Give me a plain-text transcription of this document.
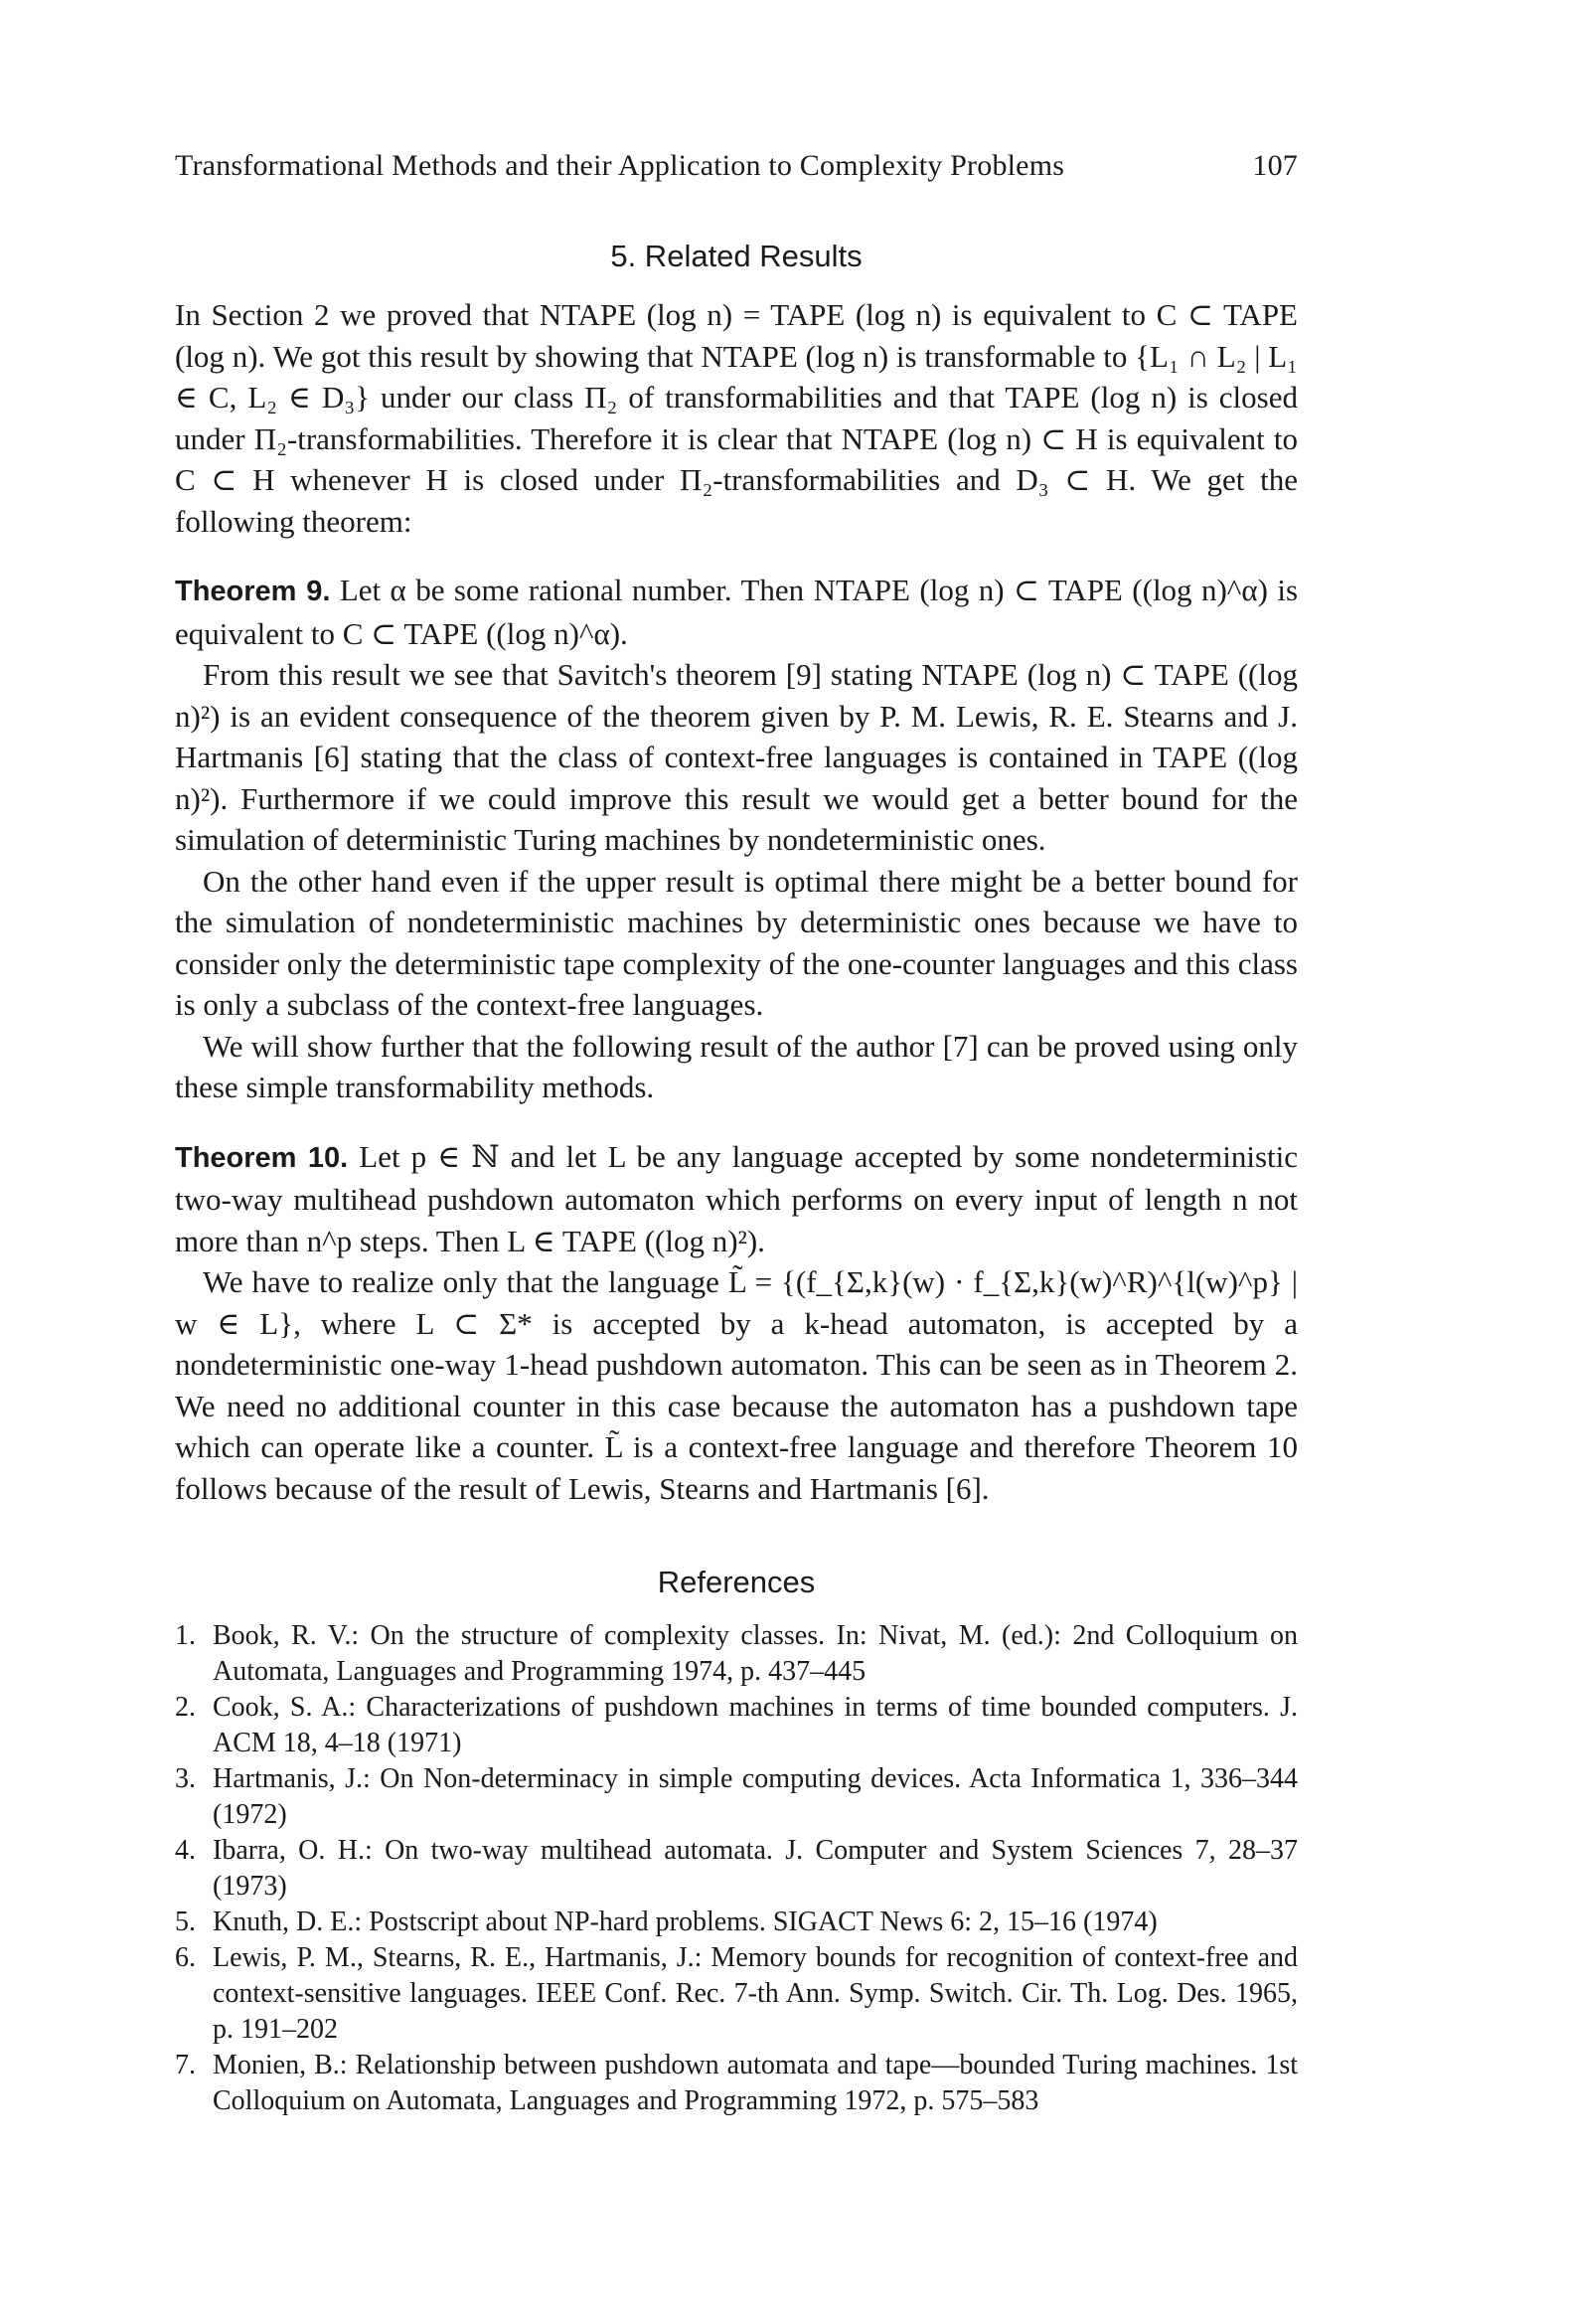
Transformational Methods and their Application to Complexity Problems	107
5. Related Results

In Section 2 we proved that NTAPE (log n) = TAPE (log n) is equivalent to C ⊂ TAPE (log n). We got this result by showing that NTAPE (log n) is transformable to {L₁ ∩ L₂ | L₁ ∈ C, L₂ ∈ D₃} under our class Π₂ of transformabilities and that TAPE (log n) is closed under Π₂-transformabilities. Therefore it is clear that NTAPE (log n) ⊂ H is equivalent to C ⊂ H whenever H is closed under Π₂-transformabilities and D₃ ⊂ H. We get the following theorem:

Theorem 9. Let α be some rational number. Then NTAPE (log n) ⊂ TAPE ((log n)^α) is equivalent to C ⊂ TAPE ((log n)^α).

From this result we see that Savitch's theorem [9] stating NTAPE (log n) ⊂ TAPE ((log n)²) is an evident consequence of the theorem given by P. M. Lewis, R. E. Stearns and J. Hartmanis [6] stating that the class of context-free languages is contained in TAPE ((log n)²). Furthermore if we could improve this result we would get a better bound for the simulation of deterministic Turing machines by nondeterministic ones.

On the other hand even if the upper result is optimal there might be a better bound for the simulation of nondeterministic machines by deterministic ones because we have to consider only the deterministic tape complexity of the one-counter languages and this class is only a subclass of the context-free languages.

We will show further that the following result of the author [7] can be proved using only these simple transformability methods.

Theorem 10. Let p ∈ ℕ and let L be any language accepted by some nondeterministic two-way multihead pushdown automaton which performs on every input of length n not more than n^p steps. Then L ∈ TAPE ((log n)²).

We have to realize only that the language L̃ = {(f_{Σ,k}(w) · f_{Σ,k}(w)^R)^{l(w)^p} | w ∈ L}, where L ⊂ Σ* is accepted by a k-head automaton, is accepted by a nondeterministic one-way 1-head pushdown automaton. This can be seen as in Theorem 2. We need no additional counter in this case because the automaton has a pushdown tape which can operate like a counter. L̃ is a context-free language and therefore Theorem 10 follows because of the result of Lewis, Stearns and Hartmanis [6].

References
1. Book, R. V.: On the structure of complexity classes. In: Nivat, M. (ed.): 2nd Colloquium on Automata, Languages and Programming 1974, p. 437–445
2. Cook, S. A.: Characterizations of pushdown machines in terms of time bounded computers. J. ACM 18, 4–18 (1971)
3. Hartmanis, J.: On Non-determinacy in simple computing devices. Acta Informatica 1, 336–344 (1972)
4. Ibarra, O. H.: On two-way multihead automata. J. Computer and System Sciences 7, 28–37 (1973)
5. Knuth, D. E.: Postscript about NP-hard problems. SIGACT News 6: 2, 15–16 (1974)
6. Lewis, P. M., Stearns, R. E., Hartmanis, J.: Memory bounds for recognition of context-free and context-sensitive languages. IEEE Conf. Rec. 7-th Ann. Symp. Switch. Cir. Th. Log. Des. 1965, p. 191–202
7. Monien, B.: Relationship between pushdown automata and tape—bounded Turing machines. 1st Colloquium on Automata, Languages and Programming 1972, p. 575–583
